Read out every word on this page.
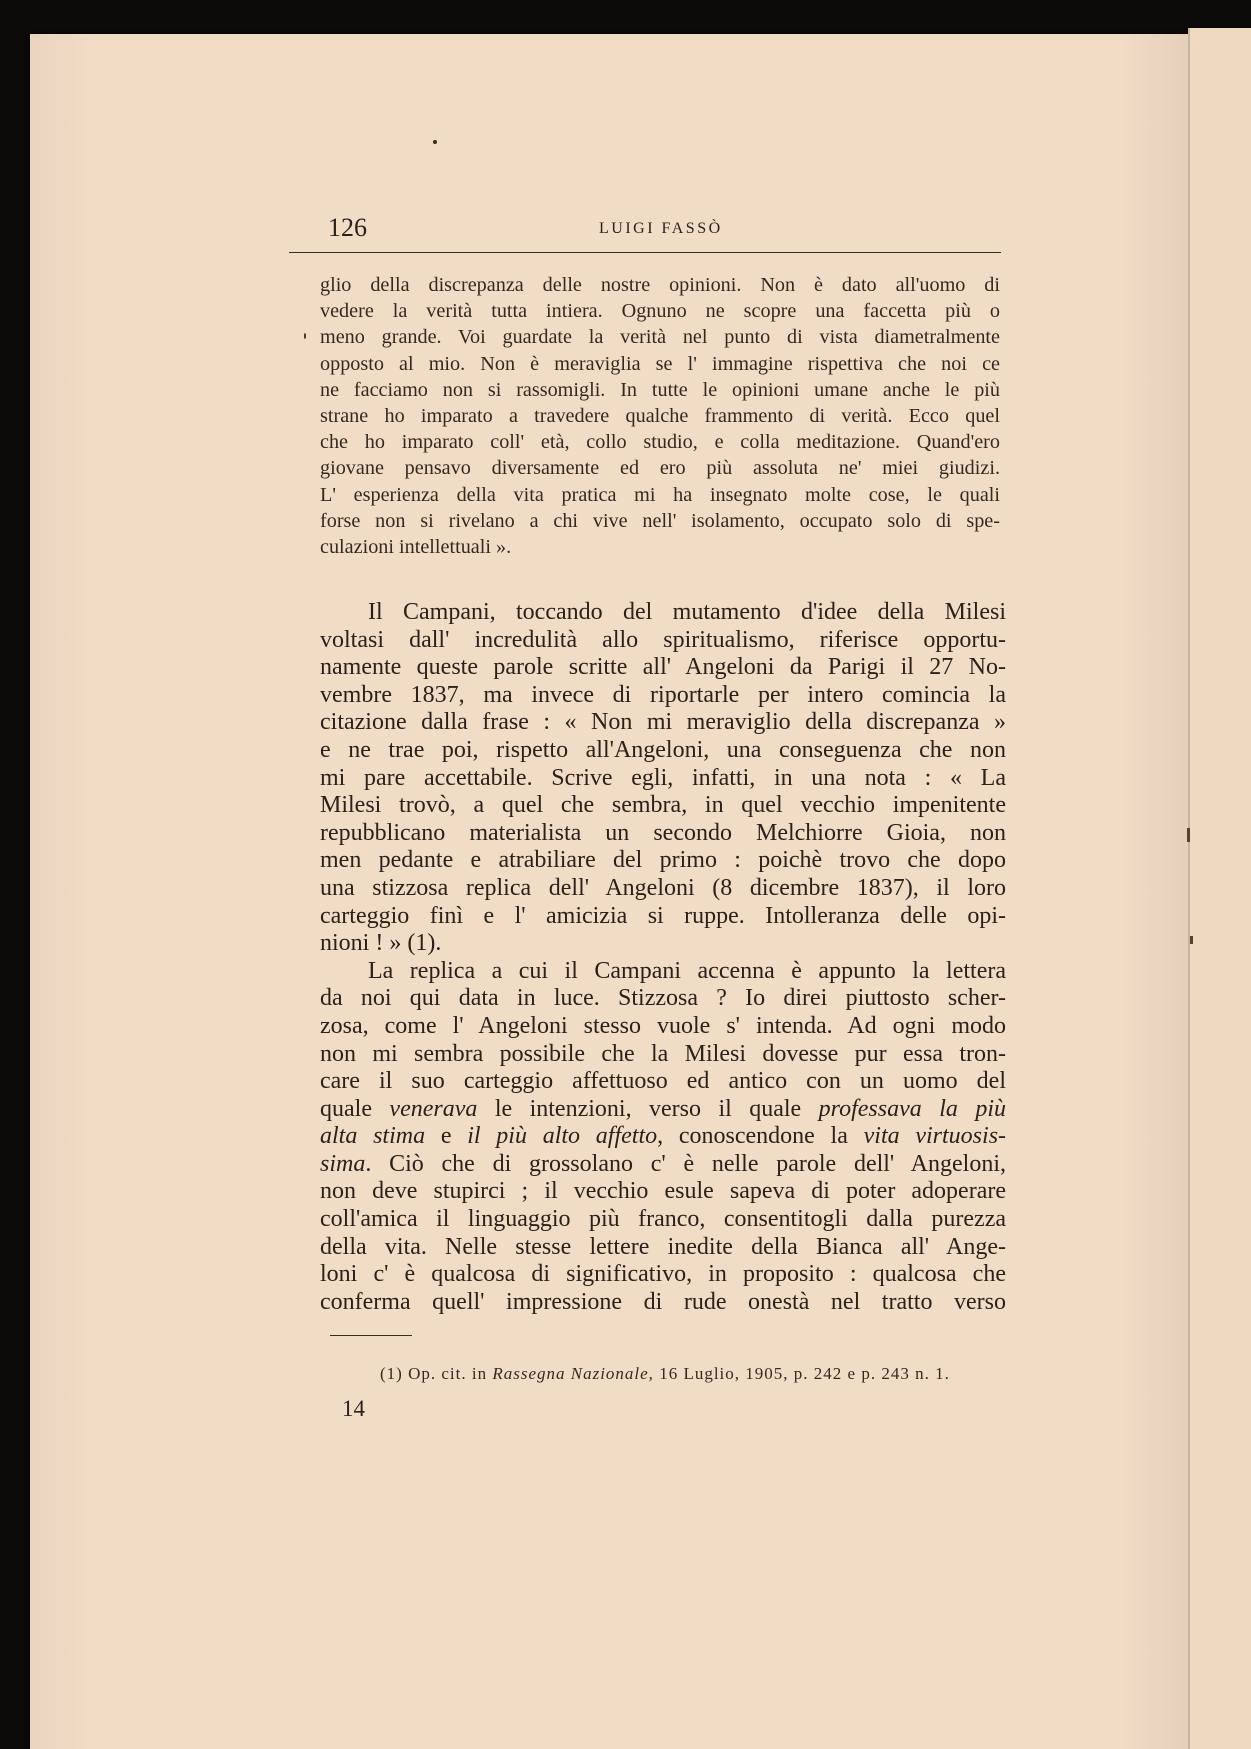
126	LUIGI FASSÒ
glio della discrepanza delle nostre opinioni. Non è dato all'uomo di
vedere la verità tutta intiera. Ognuno ne scopre una faccetta più o
meno grande. Voi guardate la verità nel punto di vista diametralmente
opposto al mio. Non è meraviglia se l' immagine rispettiva che noi ce
ne facciamo non si rassomigli. In tutte le opinioni umane anche le più
strane ho imparato a travedere qualche frammento di verità. Ecco quel
che ho imparato coll' età, collo studio, e colla meditazione. Quand'ero
giovane pensavo diversamente ed ero più assoluta ne' miei giudizi.
L' esperienza della vita pratica mi ha insegnato molte cose, le quali
forse non si rivelano a chi vive nell' isolamento, occupato solo di spe-
culazioni intellettuali ».

Il Campani, toccando del mutamento d'idee della Milesi
voltasi dall' incredulità allo spiritualismo, riferisce opportu-
namente queste parole scritte all' Angeloni da Parigi il 27 No-
vembre 1837, ma invece di riportarle per intero comincia la
citazione dalla frase : « Non mi meraviglio della discrepanza »
e ne trae poi, rispetto all'Angeloni, una conseguenza che non
mi pare accettabile. Scrive egli, infatti, in una nota : « La
Milesi trovò, a quel che sembra, in quel vecchio impenitente
repubblicano materialista un secondo Melchiorre Gioia, non
men pedante e atrabiliare del primo : poichè trovo che dopo
una stizzosa replica dell' Angeloni (8 dicembre 1837), il loro
carteggio finì e l' amicizia si ruppe. Intolleranza delle opi-
nioni ! » (1).

La replica a cui il Campani accenna è appunto la lettera
da noi qui data in luce. Stizzosa ? Io direi piuttosto scher-
zosa, come l' Angeloni stesso vuole s' intenda. Ad ogni modo
non mi sembra possibile che la Milesi dovesse pur essa tron-
care il suo carteggio affettuoso ed antico con un uomo del
quale venerava le intenzioni, verso il quale professava la più
alta stima e il più alto affetto, conoscendone la vita virtuosis-
sima. Ciò che di grossolano c' è nelle parole dell' Angeloni,
non deve stupirci ; il vecchio esule sapeva di poter adoperare
coll'amica il linguaggio più franco, consentitogli dalla purezza
della vita. Nelle stesse lettere inedite della Bianca all' Ange-
loni c' è qualcosa di significativo, in proposito : qualcosa che
conferma quell' impressione di rude onestà nel tratto verso

(1) Op. cit. in Rassegna Nazionale, 16 Luglio, 1905, p. 242 e p. 243 n. 1.
14
